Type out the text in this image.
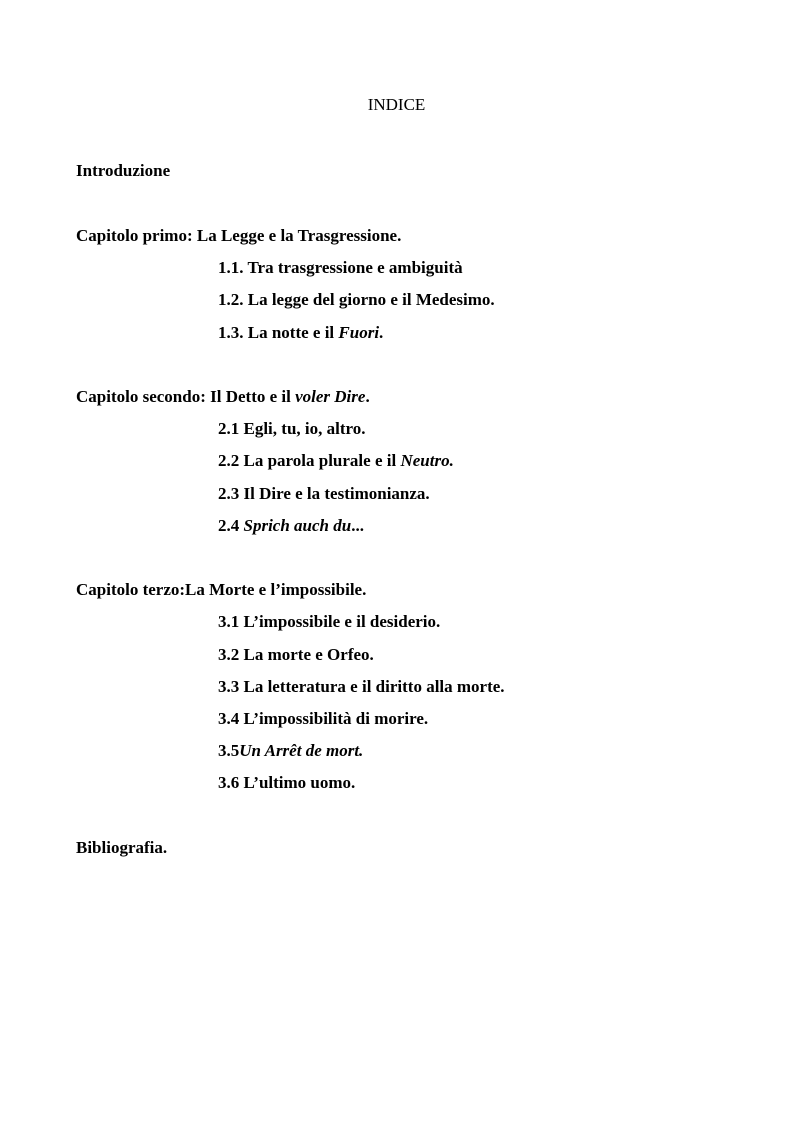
INDICE
Introduzione
Capitolo primo: La Legge e la Trasgressione.
1.1. Tra trasgressione e ambiguità
1.2. La legge del giorno e il Medesimo.
1.3. La notte e il Fuori.
Capitolo secondo: Il Detto e il voler Dire.
2.1 Egli, tu, io, altro.
2.2 La parola plurale e il Neutro.
2.3 Il Dire e la testimonianza.
2.4 Sprich auch du...
Capitolo terzo:La Morte e l’impossibile.
3.1 L’impossibile e il desiderio.
3.2 La morte e Orfeo.
3.3 La letteratura e il diritto alla morte.
3.4 L’impossibilità di morire.
3.5Un Arrêt de mort.
3.6 L’ultimo uomo.
Bibliografia.
